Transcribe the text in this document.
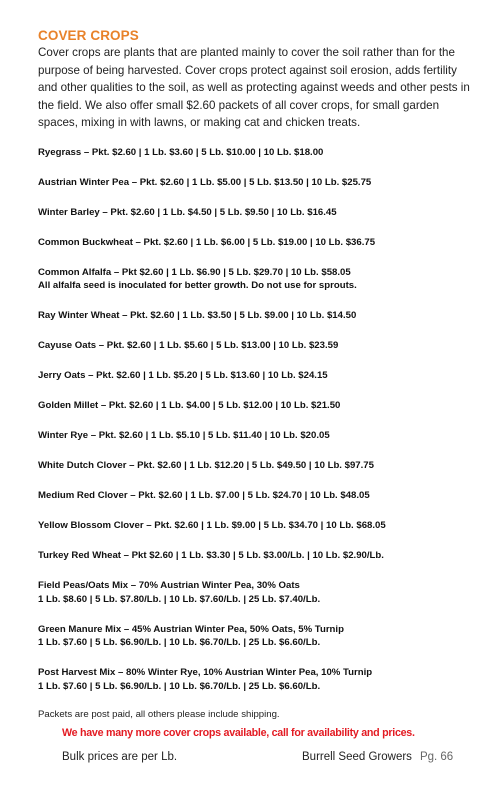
COVER CROPS
Cover crops are plants that are planted mainly to cover the soil rather than for the purpose of being harvested. Cover crops protect against soil erosion, adds fertility and other qualities to the soil, as well as protecting against weeds and other pests in the field. We also offer small $2.60 packets of all cover crops, for small garden spaces, mixing in with lawns, or making cat and chicken treats.
Ryegrass – Pkt. $2.60 | 1 Lb. $3.60 | 5 Lb. $10.00 | 10 Lb. $18.00
Austrian Winter Pea – Pkt. $2.60 | 1 Lb. $5.00 | 5 Lb. $13.50 | 10 Lb. $25.75
Winter Barley – Pkt. $2.60 | 1 Lb. $4.50 | 5 Lb. $9.50 | 10 Lb. $16.45
Common Buckwheat – Pkt. $2.60 | 1 Lb. $6.00 | 5 Lb. $19.00 | 10 Lb. $36.75
Common Alfalfa – Pkt $2.60 | 1 Lb. $6.90 | 5 Lb. $29.70 | 10 Lb. $58.05
All alfalfa seed is inoculated for better growth. Do not use for sprouts.
Ray Winter Wheat – Pkt. $2.60 | 1 Lb. $3.50 | 5 Lb. $9.00 | 10 Lb. $14.50
Cayuse Oats – Pkt. $2.60 | 1 Lb. $5.60 | 5 Lb. $13.00 | 10 Lb. $23.59
Jerry Oats – Pkt. $2.60 | 1 Lb. $5.20 | 5 Lb. $13.60 | 10 Lb. $24.15
Golden Millet – Pkt. $2.60 | 1 Lb. $4.00 | 5 Lb. $12.00 | 10 Lb. $21.50
Winter Rye – Pkt. $2.60 | 1 Lb. $5.10 | 5 Lb. $11.40 | 10 Lb. $20.05
White Dutch Clover – Pkt. $2.60 | 1 Lb. $12.20 | 5 Lb. $49.50 | 10 Lb. $97.75
Medium Red Clover – Pkt. $2.60 | 1 Lb. $7.00 | 5 Lb. $24.70 | 10 Lb. $48.05
Yellow Blossom Clover – Pkt. $2.60 | 1 Lb. $9.00 | 5 Lb. $34.70 | 10 Lb. $68.05
Turkey Red Wheat – Pkt $2.60 | 1 Lb. $3.30 | 5 Lb. $3.00/Lb. | 10 Lb. $2.90/Lb.
Field Peas/Oats Mix – 70% Austrian Winter Pea, 30% Oats
1 Lb. $8.60 | 5 Lb. $7.80/Lb. | 10 Lb. $7.60/Lb. | 25 Lb. $7.40/Lb.
Green Manure Mix – 45% Austrian Winter Pea, 50% Oats, 5% Turnip
1 Lb. $7.60 | 5 Lb. $6.90/Lb. | 10 Lb. $6.70/Lb. | 25 Lb. $6.60/Lb.
Post Harvest Mix – 80% Winter Rye, 10% Austrian Winter Pea, 10% Turnip
1 Lb. $7.60 | 5 Lb. $6.90/Lb. | 10 Lb. $6.70/Lb. | 25 Lb. $6.60/Lb.
Packets are post paid, all others please include shipping.
We have many more cover crops available, call for availability and prices.
Bulk prices are per Lb.	Burrell Seed Growers Pg. 66
